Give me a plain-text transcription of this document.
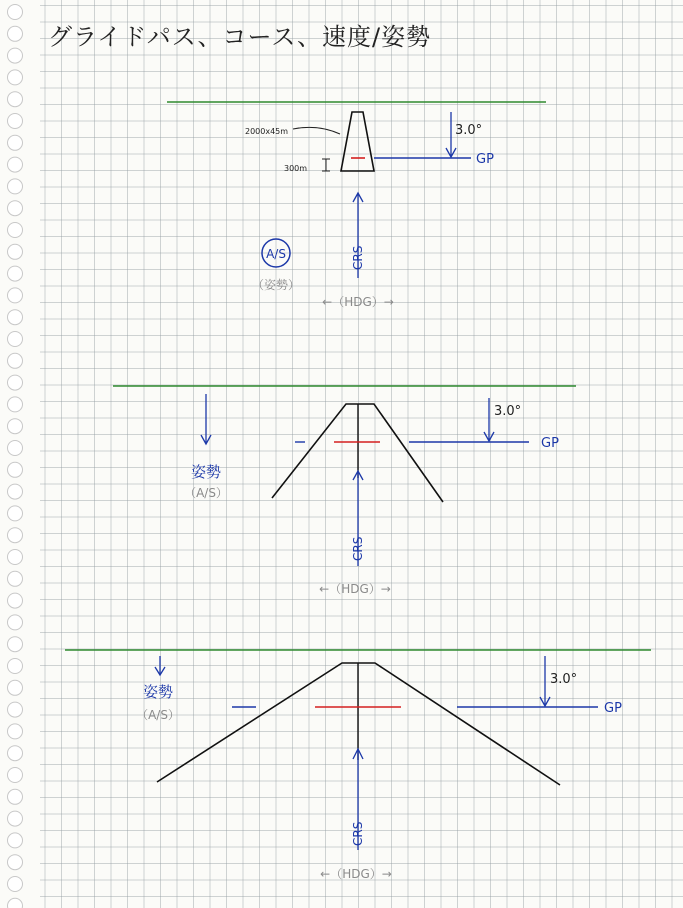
グライドパス、コース、速度/姿勢
3.0°
GP
2000x45m
300m
CRS
A/S
（姿勢）
←（HDG）→
3.0°
GP
姿勢
（A/S）
CRS
←（HDG）→
3.0°
GP
姿勢
（A/S）
CRS
←（HDG）→
